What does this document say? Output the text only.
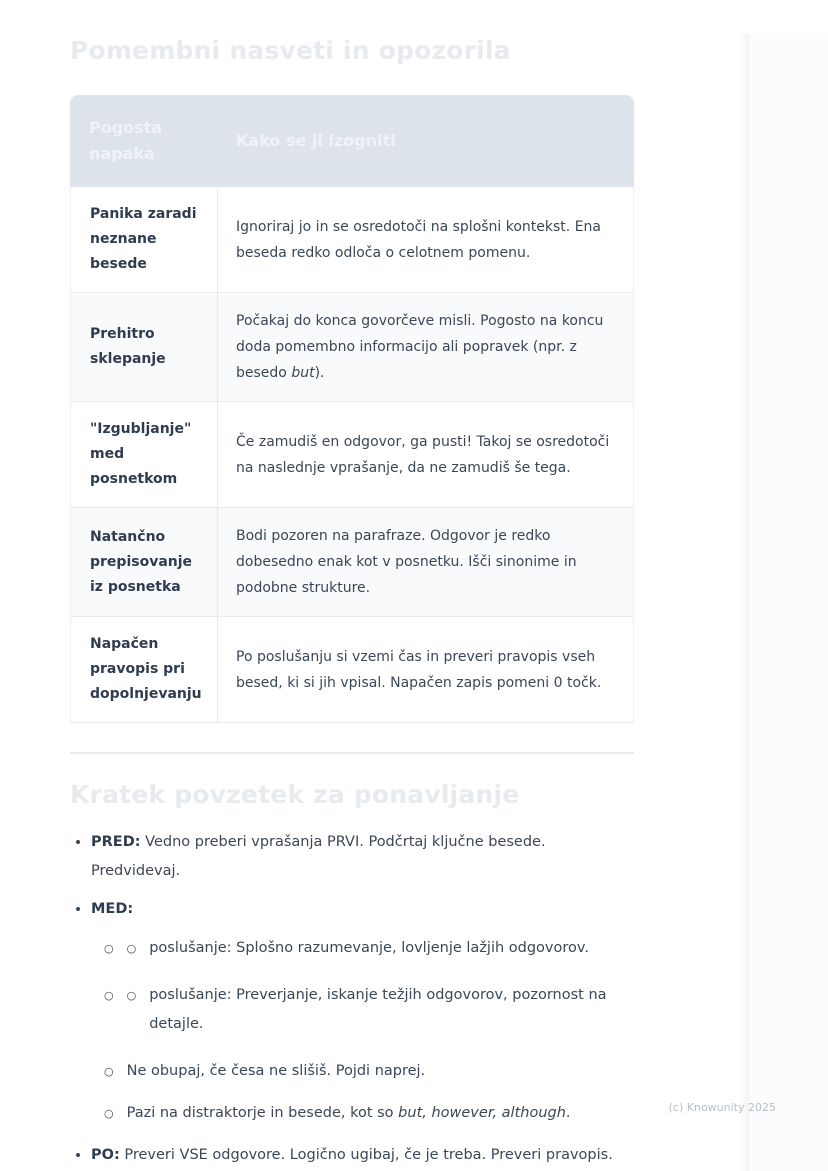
Pomembni nasveti in opozorila
Pogosta napaka	Kako se ji izogniti
Panika zaradi neznane besede	Ignoriraj jo in se osredotoči na splošni kontekst. Ena beseda redko odloča o celotnem pomenu.
Prehitro sklepanje	Počakaj do konca govorčeve misli. Pogosto na koncu doda pomembno informacijo ali popravek (npr. z besedo but).
"Izgubljanje" med posnetkom	Če zamudiš en odgovor, ga pusti! Takoj se osredotoči na naslednje vprašanje, da ne zamudiš še tega.
Natančno prepisovanje iz posnetka	Bodi pozoren na parafraze. Odgovor je redko dobesedno enak kot v posnetku. Išči sinonime in podobne strukture.
Napačen pravopis pri dopolnjevanju	Po poslušanju si vzemi čas in preveri pravopis vseh besed, ki si jih vpisal. Napačen zapis pomeni 0 točk.
Kratek povzetek za ponavljanje
• PRED: Vedno preberi vprašanja PRVI. Podčrtaj ključne besede. Predvidevaj.
• MED:
○ ○ poslušanje: Splošno razumevanje, lovljenje lažjih odgovorov.
○ ○ poslušanje: Preverjanje, iskanje težjih odgovorov, pozornost na detajle.
○ Ne obupaj, če česa ne slišiš. Pojdi naprej.
○ Pazi na distraktorje in besede, kot so but, however, although.
• PO: Preveri VSE odgovore. Logično ugibaj, če je treba. Preveri pravopis.
(c) Knowunity 2025
